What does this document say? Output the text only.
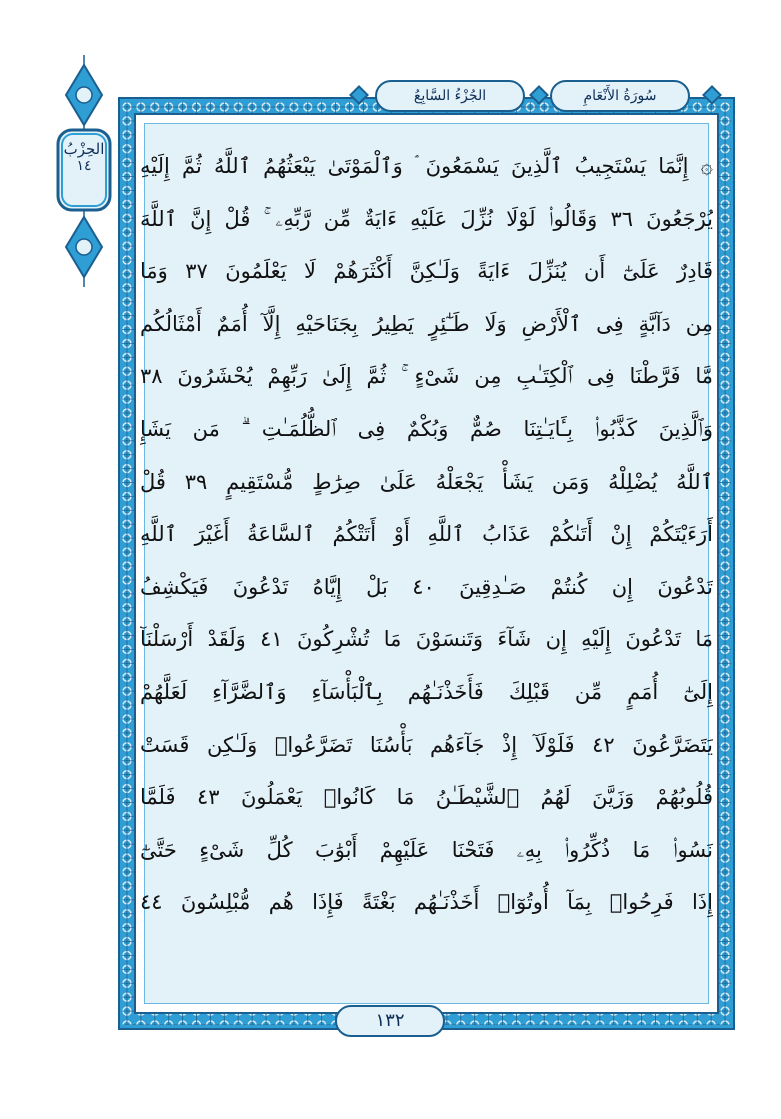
الحِزْبُ
١٤
الجُزْءُ السَّابِعُ	سُورَةُ الأَنْعَامِ
۞ إِنَّمَا يَسْتَجِيبُ ٱلَّذِينَ يَسْمَعُونَ ۘ وَٱلْمَوْتَىٰ يَبْعَثُهُمُ ٱللَّهُ ثُمَّ إِلَيْهِ
يُرْجَعُونَ ٣٦ وَقَالُوا۟ لَوْلَا نُزِّلَ عَلَيْهِ ءَايَةٌ مِّن رَّبِّهِۦ ۚ قُلْ إِنَّ ٱللَّهَ
قَادِرٌ عَلَىٰٓ أَن يُنَزِّلَ ءَايَةً وَلَـٰكِنَّ أَكْثَرَهُمْ لَا يَعْلَمُونَ ٣٧ وَمَا
مِن دَآبَّةٍ فِى ٱلْأَرْضِ وَلَا طَـٰٓئِرٍ يَطِيرُ بِجَنَاحَيْهِ إِلَّآ أُمَمٌ أَمْثَالُكُم
مَّا فَرَّطْنَا فِى ٱلْكِتَـٰبِ مِن شَىْءٍ ۚ ثُمَّ إِلَىٰ رَبِّهِمْ يُحْشَرُونَ ٣٨
وَٱلَّذِينَ كَذَّبُوا۟ بِـَٔايَـٰتِنَا صُمٌّ وَبُكْمٌ فِى ٱلظُّلُمَـٰتِ ۗ مَن يَشَإِ
ٱللَّهُ يُضْلِلْهُ وَمَن يَشَأْ يَجْعَلْهُ عَلَىٰ صِرَٰطٍ مُّسْتَقِيمٍ ٣٩ قُلْ
أَرَءَيْتَكُمْ إِنْ أَتَىٰكُمْ عَذَابُ ٱللَّهِ أَوْ أَتَتْكُمُ ٱلسَّاعَةُ أَغَيْرَ ٱللَّهِ
تَدْعُونَ إِن كُنتُمْ صَـٰدِقِينَ ٤٠ بَلْ إِيَّاهُ تَدْعُونَ فَيَكْشِفُ
مَا تَدْعُونَ إِلَيْهِ إِن شَآءَ وَتَنسَوْنَ مَا تُشْرِكُونَ ٤١ وَلَقَدْ أَرْسَلْنَآ
إِلَىٰٓ أُمَمٍ مِّن قَبْلِكَ فَأَخَذْنَـٰهُم بِٱلْبَأْسَآءِ وَٱلضَّرَّآءِ لَعَلَّهُمْ
يَتَضَرَّعُونَ ٤٢ فَلَوْلَآ إِذْ جَآءَهُم بَأْسُنَا تَضَرَّعُوا۟ وَلَـٰكِن قَسَتْ
قُلُوبُهُمْ وَزَيَّنَ لَهُمُ ٱلشَّيْطَـٰنُ مَا كَانُوا۟ يَعْمَلُونَ ٤٣ فَلَمَّا
نَسُوا۟ مَا ذُكِّرُوا۟ بِهِۦ فَتَحْنَا عَلَيْهِمْ أَبْوَٰبَ كُلِّ شَىْءٍ حَتَّىٰٓ
إِذَا فَرِحُوا۟ بِمَآ أُوتُوٓا۟ أَخَذْنَـٰهُم بَغْتَةً فَإِذَا هُم مُّبْلِسُونَ ٤٤
١٣٢
